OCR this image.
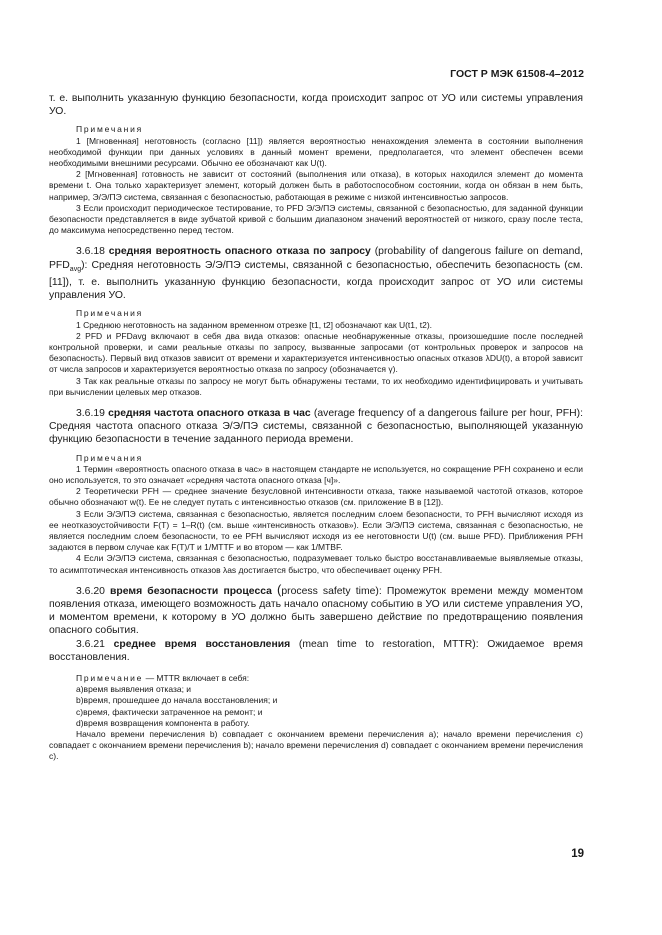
ГОСТ Р МЭК 61508-4–2012

т. е. выполнить указанную функцию безопасности, когда происходит запрос от УО или системы управления УО.

Примечания

1 [Мгновенная] неготовность (согласно [11]) является вероятностью ненахождения элемента в состоянии выполнения необходимой функции при данных условиях в данный момент времени, предполагается, что элемент обеспечен всеми необходимыми внешними ресурсами. Обычно ее обозначают как U(t).

2 [Мгновенная] готовность не зависит от состояний (выполнения или отказа), в которых находился элемент до момента времени t. Она только характеризует элемент, который должен быть в работоспособном состоянии, когда он обязан в нем быть, например, Э/Э/ПЭ система, связанная с безопасностью, работающая в режиме с низкой интенсивностью запросов.

3 Если происходит периодическое тестирование, то PFD Э/Э/ПЭ системы, связанной с безопасностью, для заданной функции безопасности представляется в виде зубчатой кривой с большим диапазоном значений вероятностей от низкого, сразу после теста, до максимума непосредственно перед тестом.

3.6.18 средняя вероятность опасного отказа по запросу (probability of dangerous failure on demand, $PFD_{avg}$): Средняя неготовность Э/Э/ПЭ системы, связанной с безопасностью, обеспечить безопасность (см. [11]), т. е. выполнить указанную функцию безопасности, когда происходит запрос от УО или системы управления УО.

Примечания

1 Среднюю неготовность на заданном временном отрезке [t1, t2] обозначают как U(t1, t2).

2 PFD и PFDavg включают в себя два вида отказов: опасные необнаруженные отказы, произошедшие после последней контрольной проверки, и сами реальные отказы по запросу, вызванные запросами (от контрольных проверок и запросов на безопасность). Первый вид отказов зависит от времени и характеризуется интенсивностью опасных отказов λDU(t), а второй зависит от числа запросов и характеризуется вероятностью отказа по запросу (обозначается γ).

3 Так как реальные отказы по запросу не могут быть обнаружены тестами, то их необходимо идентифицировать и учитывать при вычислении целевых мер отказов.

3.6.19 средняя частота опасного отказа в час (average frequency of a dangerous failure per hour, PFH): Средняя частота опасного отказа Э/Э/ПЭ системы, связанной с безопасностью, выполняющей указанную функцию безопасности в течение заданного периода времени.

Примечания

1 Термин «вероятность опасного отказа в час» в настоящем стандарте не используется, но сокращение PFH сохранено и если оно используется, то это означает «средняя частота опасного отказа [ч]».

2 Теоретически PFH — среднее значение безусловной интенсивности отказа, также называемой частотой отказов, которое обычно обозначают w(t). Ее не следует путать с интенсивностью отказов (см. приложение В в [12]).

3 Если Э/Э/ПЭ система, связанная с безопасностью, является последним слоем безопасности, то PFH вычисляют исходя из ее неотказоустойчивости F(T) = 1–R(t) (см. выше «интенсивность отказов»). Если Э/Э/ПЭ система, связанная с безопасностью, не является последним слоем безопасности, то ее PFH вычисляют исходя из ее неготовности U(t) (см. выше PFD). Приближения PFH задаются в первом случае как F(T)/T и 1/MTTF и во втором — как 1/MTBF.

4 Если Э/Э/ПЭ система, связанная с безопасностью, подразумевает только быстро восстанавливаемые выявляемые отказы, то асимптотическая интенсивность отказов λas достигается быстро, что обеспечивает оценку PFH.

3.6.20 время безопасности процесса (process safety time): Промежуток времени между моментом появления отказа, имеющего возможность дать начало опасному событию в УО или системе управления УО, и моментом времени, к которому в УО должно быть завершено действие по предотвращению появления опасного события.

3.6.21 среднее время восстановления (mean time to restoration, MTTR): Ожидаемое время восстановления.

Примечание — MTTR включает в себя:

a)время выявления отказа; и

b)время, прошедшее до начала восстановления; и

c)время, фактически затраченное на ремонт; и

d)время возвращения компонента в работу.

Начало времени перечисления b) совпадает с окончанием времени перечисления a); начало времени перечисления c) совпадает с окончанием времени перечисления b); начало времени перечисления d) совпадает с окончанием времени перечисления c).

19
